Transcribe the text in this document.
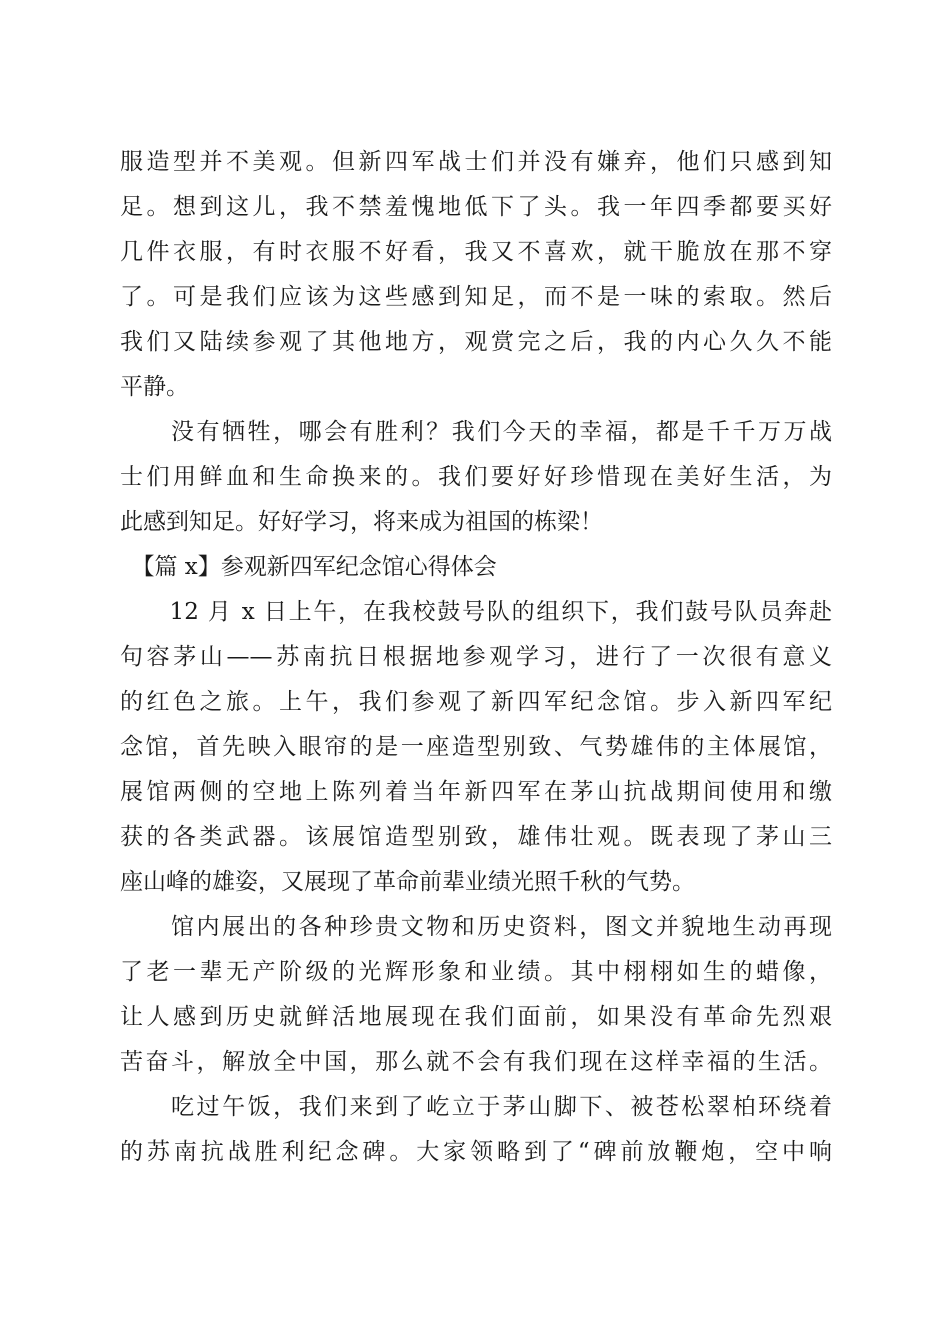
服造型并不美观。但新四军战士们并没有嫌弃，他们只感到知
足。想到这儿，我不禁羞愧地低下了头。我一年四季都要买好
几件衣服，有时衣服不好看，我又不喜欢，就干脆放在那不穿
了。可是我们应该为这些感到知足，而不是一味的索取。然后
我们又陆续参观了其他地方，观赏完之后，我的内心久久不能
平静。
　　没有牺牲，哪会有胜利？我们今天的幸福，都是千千万万战
士们用鲜血和生命换来的。我们要好好珍惜现在美好生活，为
此感到知足。好好学习，将来成为祖国的栋梁！
　【篇 x】参观新四军纪念馆心得体会
　　12 月 x 日上午，在我校鼓号队的组织下，我们鼓号队员奔赴
句容茅山——苏南抗日根据地参观学习，进行了一次很有意义
的红色之旅。上午，我们参观了新四军纪念馆。步入新四军纪
念馆，首先映入眼帘的是一座造型别致、气势雄伟的主体展馆，
展馆两侧的空地上陈列着当年新四军在茅山抗战期间使用和缴
获的各类武器。该展馆造型别致，雄伟壮观。既表现了茅山三
座山峰的雄姿，又展现了革命前辈业绩光照千秋的气势。
　　馆内展出的各种珍贵文物和历史资料，图文并貌地生动再现
了老一辈无产阶级的光辉形象和业绩。其中栩栩如生的蜡像，
让人感到历史就鲜活地展现在我们面前，如果没有革命先烈艰
苦奋斗，解放全中国，那么就不会有我们现在这样幸福的生活。
　　吃过午饭，我们来到了屹立于茅山脚下、被苍松翠柏环绕着
的苏南抗战胜利纪念碑。大家领略到了“碑前放鞭炮，空中响
